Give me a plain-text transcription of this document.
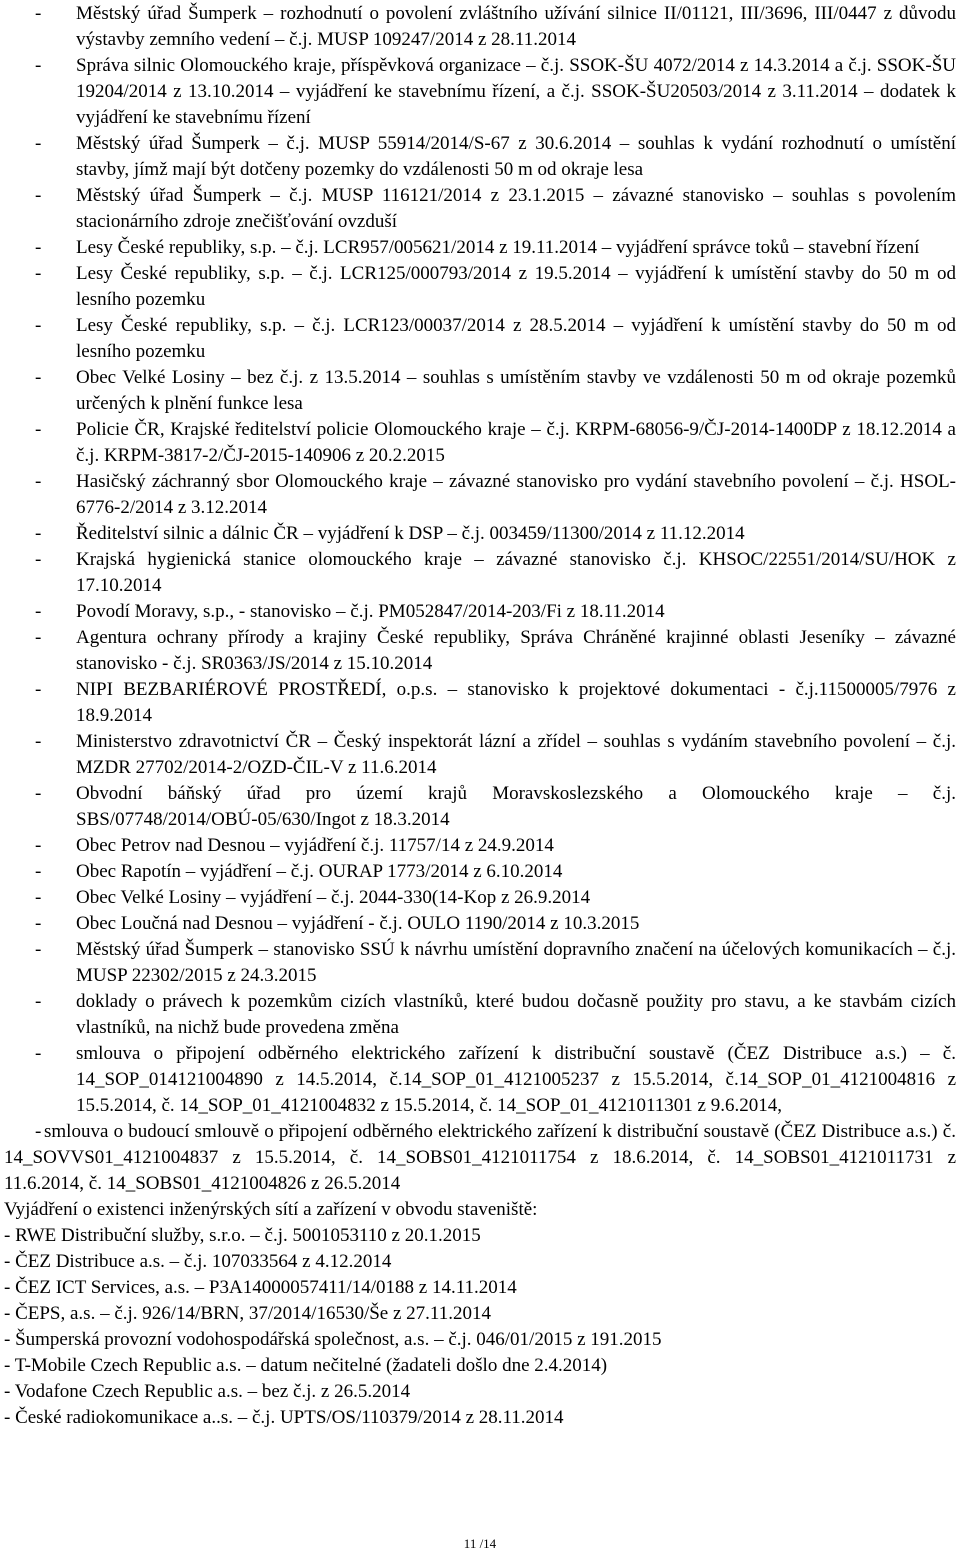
- Městský úřad Šumperk – rozhodnutí o povolení zvláštního užívání silnice II/01121, III/3696, III/0447 z důvodu výstavby zemního vedení – č.j. MUSP 109247/2014 z 28.11.2014
- Správa silnic Olomouckého kraje, příspěvková organizace – č.j. SSOK-ŠU 4072/2014 z 14.3.2014 a č.j. SSOK-ŠU 19204/2014 z 13.10.2014 – vyjádření ke stavebnímu řízení, a č.j. SSOK-ŠU20503/2014 z 3.11.2014 – dodatek k vyjádření ke stavebnímu řízení
- Městský úřad Šumperk – č.j. MUSP 55914/2014/S-67 z 30.6.2014 – souhlas k vydání rozhodnutí o umístění stavby, jímž mají být dotčeny pozemky do vzdálenosti 50 m od okraje lesa
- Městský úřad Šumperk – č.j. MUSP 116121/2014 z 23.1.2015 – závazné stanovisko – souhlas s povolením stacionárního zdroje znečišťování ovzduší
- Lesy České republiky, s.p. – č.j. LCR957/005621/2014 z 19.11.2014 – vyjádření správce toků – stavební řízení
- Lesy České republiky, s.p. – č.j. LCR125/000793/2014 z 19.5.2014 – vyjádření k umístění stavby do 50 m od lesního pozemku
- Lesy České republiky, s.p. – č.j. LCR123/00037/2014 z 28.5.2014 – vyjádření k umístění stavby do 50 m od lesního pozemku
- Obec Velké Losiny – bez č.j. z 13.5.2014 – souhlas s umístěním stavby ve vzdálenosti 50 m od okraje pozemků určených k plnění funkce lesa
- Policie ČR, Krajské ředitelství policie Olomouckého kraje – č.j. KRPM-68056-9/ČJ-2014-1400DP z 18.12.2014 a č.j. KRPM-3817-2/ČJ-2015-140906 z 20.2.2015
- Hasičský záchranný sbor Olomouckého kraje – závazné stanovisko pro vydání stavebního povolení – č.j. HSOL-6776-2/2014 z 3.12.2014
- Ředitelství silnic a dálnic ČR – vyjádření k DSP – č.j. 003459/11300/2014 z 11.12.2014
- Krajská hygienická stanice olomouckého kraje – závazné stanovisko č.j. KHSOC/22551/2014/SU/HOK z 17.10.2014
- Povodí Moravy, s.p., - stanovisko – č.j. PM052847/2014-203/Fi z 18.11.2014
- Agentura ochrany přírody a krajiny České republiky, Správa Chráněné krajinné oblasti Jeseníky – závazné stanovisko - č.j. SR0363/JS/2014 z 15.10.2014
- NIPI BEZBARIÉROVÉ PROSTŘEDÍ, o.p.s. – stanovisko k projektové dokumentaci - č.j.11500005/7976 z 18.9.2014
- Ministerstvo zdravotnictví ČR – Český inspektorát lázní a zřídel – souhlas s vydáním stavebního povolení – č.j. MZDR 27702/2014-2/OZD-ČIL-V z 11.6.2014
- Obvodní báňský úřad pro území krajů Moravskoslezského a Olomouckého kraje – č.j. SBS/07748/2014/OBÚ-05/630/Ingot z 18.3.2014
- Obec Petrov nad Desnou – vyjádření č.j. 11757/14 z 24.9.2014
- Obec Rapotín – vyjádření – č.j. OURAP 1773/2014 z 6.10.2014
- Obec Velké Losiny – vyjádření – č.j. 2044-330(14-Kop z 26.9.2014
- Obec Loučná nad Desnou – vyjádření - č.j. OULO 1190/2014 z 10.3.2015
- Městský úřad Šumperk – stanovisko SSÚ k návrhu umístění dopravního značení na účelových komunikacích – č.j. MUSP 22302/2015 z 24.3.2015
- doklady o právech k pozemkům cizích vlastníků, které budou dočasně použity pro stavu, a ke stavbám cizích vlastníků, na nichž bude provedena změna
- smlouva o připojení odběrného elektrického zařízení k distribuční soustavě (ČEZ Distribuce a.s.) – č. 14_SOP_014121004890 z 14.5.2014, č.14_SOP_01_4121005237 z 15.5.2014, č.14_SOP_01_4121004816 z 15.5.2014, č. 14_SOP_01_4121004832 z 15.5.2014, č. 14_SOP_01_4121011301 z 9.6.2014,
- smlouva o budoucí smlouvě o připojení odběrného elektrického zařízení k distribuční soustavě (ČEZ Distribuce a.s.) č. 14_SOVVS01_4121004837 z 15.5.2014, č. 14_SOBS01_4121011754 z 18.6.2014, č. 14_SOBS01_4121011731 z 11.6.2014, č. 14_SOBS01_4121004826 z 26.5.2014
Vyjádření o existenci inženýrských sítí a zařízení v obvodu staveniště:
- RWE Distribuční služby, s.r.o. – č.j. 5001053110 z 20.1.2015
- ČEZ Distribuce a.s. – č.j. 107033564 z 4.12.2014
- ČEZ ICT Services, a.s. – P3A14000057411/14/0188 z 14.11.2014
- ČEPS, a.s. – č.j. 926/14/BRN, 37/2014/16530/Še z 27.11.2014
- Šumperská provozní vodohospodářská společnost, a.s. – č.j. 046/01/2015 z 191.2015
- T-Mobile Czech Republic a.s. – datum nečitelné (žadateli došlo dne 2.4.2014)
- Vodafone Czech Republic a.s. – bez č.j. z 26.5.2014
- České radiokomunikace a..s. – č.j. UPTS/OS/110379/2014 z 28.11.2014
11 /14
